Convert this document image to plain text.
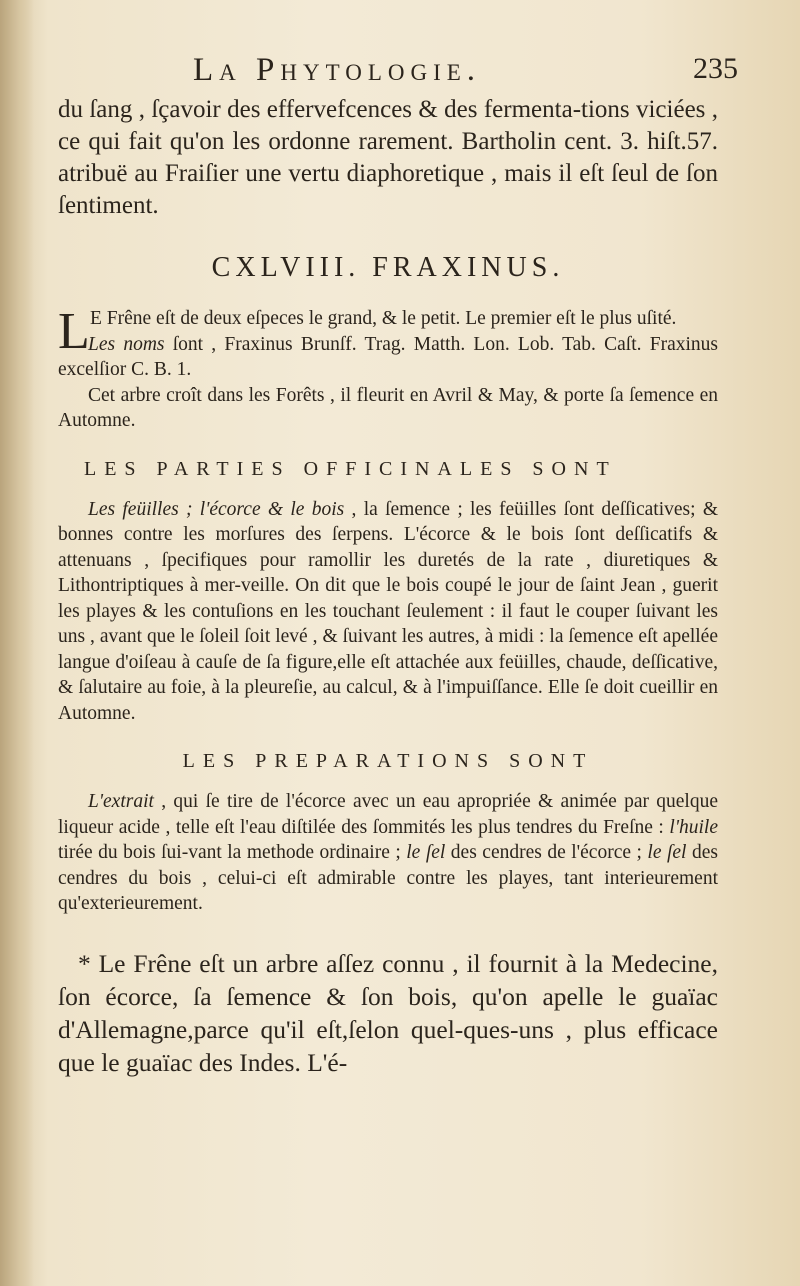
La Phytologie.	235

du ſang , ſçavoir des effervefcences & des fermenta-tions viciées , ce qui fait qu'on les ordonne rarement. Bartholin cent. 3. hiſt.57. atribuë au Fraiſier une vertu diaphoretique , mais il eſt ſeul de ſon ſentiment.

CXLVIII. FRAXINUS.

L E Frêne eſt de deux eſpeces le grand, & le petit. Le premier eſt le plus uſité.

Les noms ſont , Fraxinus Brunſf. Trag. Matth. Lon. Lob. Tab. Caſt. Fraxinus excelſior C. B. 1.

Cet arbre croît dans les Forêts , il fleurit en Avril & May, & porte ſa ſemence en Automne.

LES PARTIES OFFICINALES SONT

Les feüilles ; l'écorce & le bois , la ſemence ; les feüilles ſont deſſicatives; & bonnes contre les morſures des ſerpens. L'écorce & le bois ſont deſſicatifs & attenuans , ſpecifiques pour ramollir les duretés de la rate , diuretiques & Lithontriptiques à mer-veille. On dit que le bois coupé le jour de ſaint Jean , guerit les playes & les contuſions en les touchant ſeulement : il faut le couper ſuivant les uns , avant que le ſoleil ſoit levé , & ſuivant les autres, à midi : la ſemence eſt apellée langue d'oiſeau à cauſe de ſa figure,elle eſt attachée aux feüilles, chaude, deſſicative, & ſalutaire au foie, à la pleureſie, au calcul, & à l'impuiſſance. Elle ſe doit cueillir en Automne.

LES PREPARATIONS SONT

L'extrait , qui ſe tire de l'écorce avec un eau apropriée & animée par quelque liqueur acide , telle eſt l'eau diſtilée des ſommités les plus tendres du Freſne : l'huile tirée du bois ſui-vant la methode ordinaire ; le ſel des cendres de l'écorce ; le ſel des cendres du bois , celui-ci eſt admirable contre les playes, tant interieurement qu'exterieurement.

* Le Frêne eſt un arbre aſſez connu , il fournit à la Medecine, ſon écorce, ſa ſemence & ſon bois, qu'on apelle le guaïac d'Allemagne,parce qu'il eſt,ſelon quel-ques-uns , plus efficace que le guaïac des Indes. L'é-
